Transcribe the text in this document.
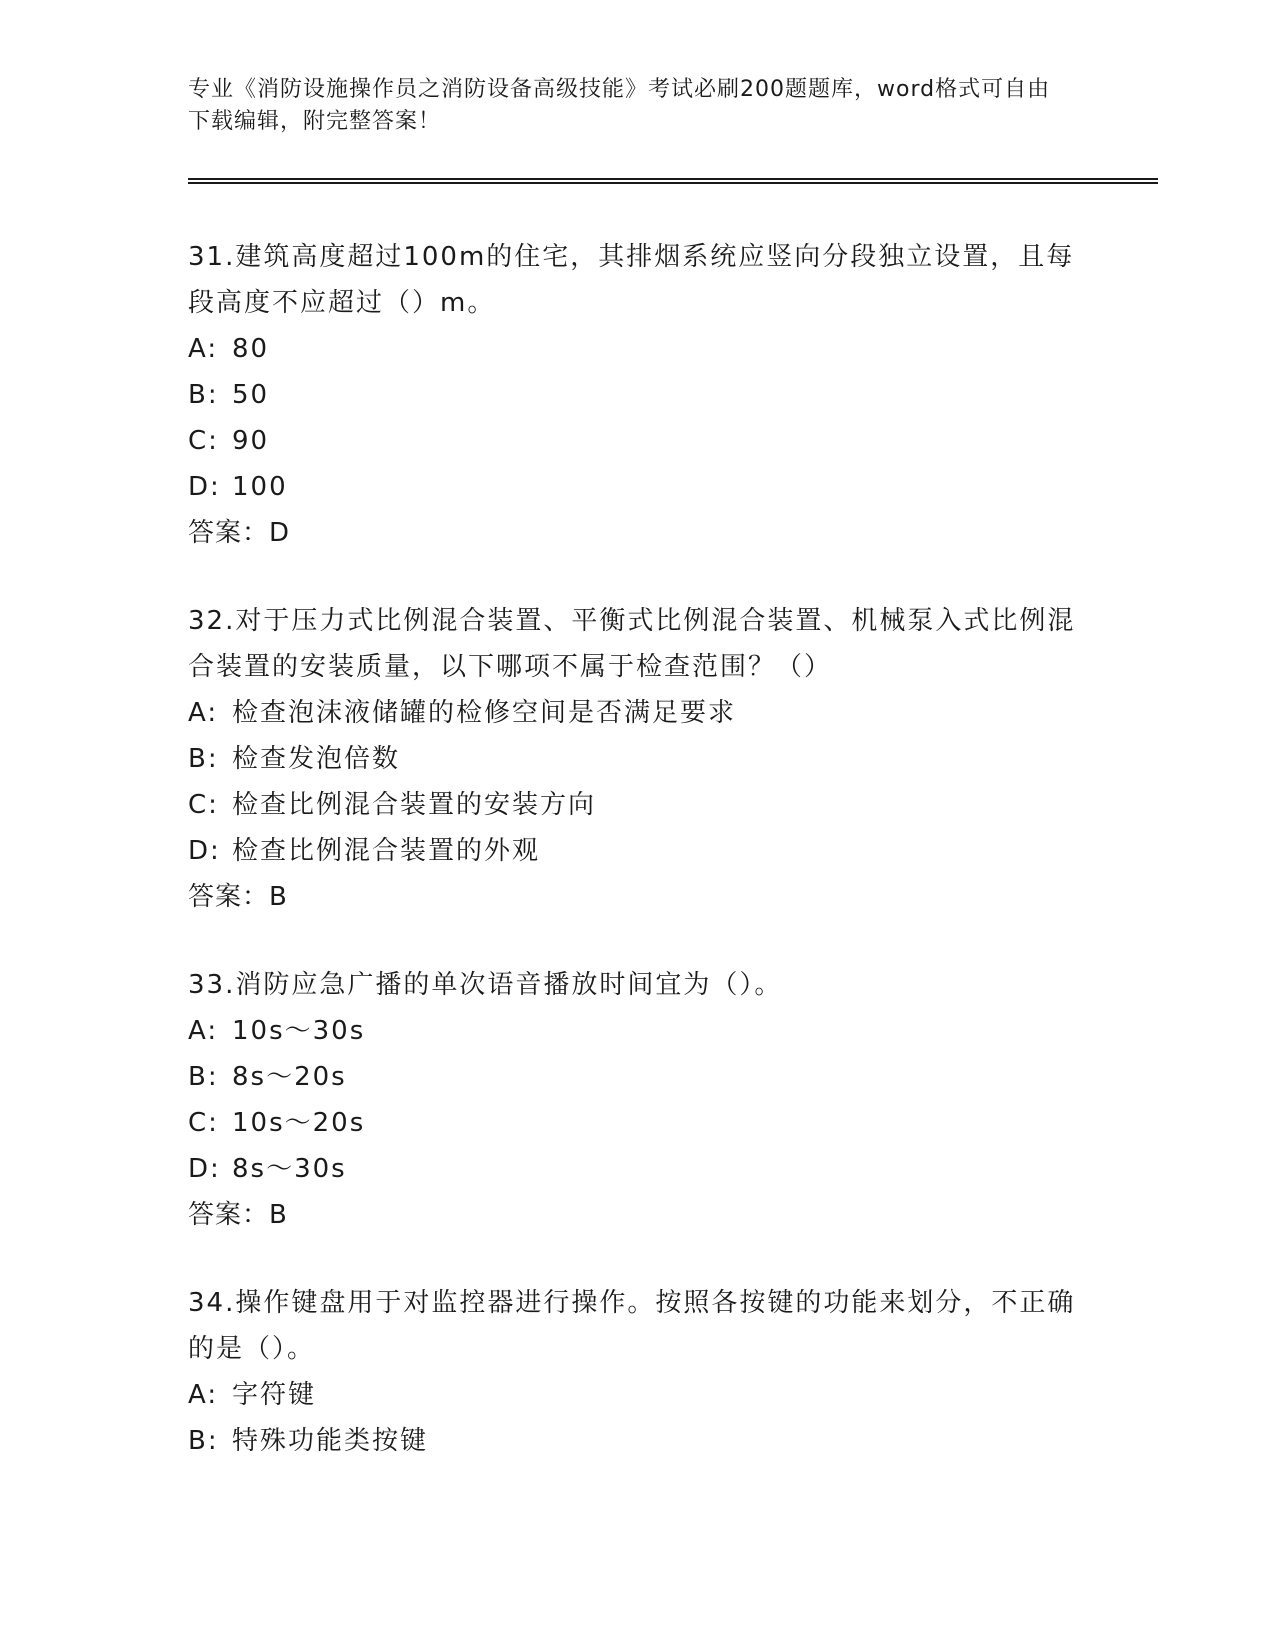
专业《消防设施操作员之消防设备高级技能》考试必刷200题题库，word格式可自由下载编辑，附完整答案！

31.建筑高度超过100m的住宅，其排烟系统应竖向分段独立设置，且每段高度不应超过（）m。

A: 80

B: 50

C: 90

D: 100

答案：D

32.对于压力式比例混合装置、平衡式比例混合装置、机械泵入式比例混合装置的安装质量，以下哪项不属于检查范围？（）

A: 检查泡沫液储罐的检修空间是否满足要求

B: 检查发泡倍数

C: 检查比例混合装置的安装方向

D: 检查比例混合装置的外观

答案：B

33.消防应急广播的单次语音播放时间宜为（）。

A: 10s～30s

B: 8s～20s

C: 10s～20s

D: 8s～30s

答案：B

34.操作键盘用于对监控器进行操作。按照各按键的功能来划分，不正确的是（）。

A: 字符键

B: 特殊功能类按键
